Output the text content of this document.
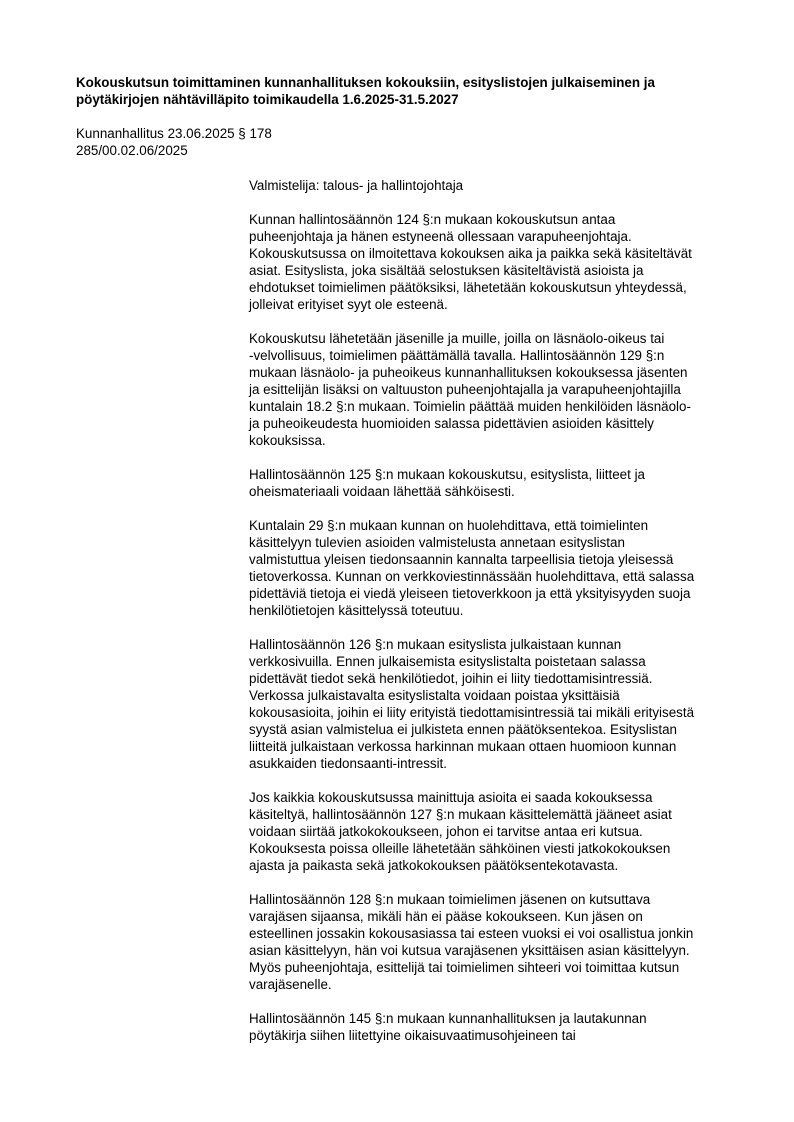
Kokouskutsun toimittaminen kunnanhallituksen kokouksiin, esityslistojen julkaiseminen ja
pöytäkirjojen nähtävilläpito toimikaudella 1.6.2025-31.5.2027
Kunnanhallitus 23.06.2025 § 178
285/00.02.06/2025

Valmistelija: talous- ja hallintojohtaja

Kunnan hallintosäännön 124 §:n mukaan kokouskutsun antaa
puheenjohtaja ja hänen estyneenä ollessaan varapuheenjohtaja.
Kokouskutsussa on ilmoitettava kokouksen aika ja paikka sekä käsiteltävät
asiat. Esityslista, joka sisältää selostuksen käsiteltävistä asioista ja
ehdotukset toimielimen päätöksiksi, lähetetään kokouskutsun yhteydessä,
jolleivat erityiset syyt ole esteenä.

Kokouskutsu lähetetään jäsenille ja muille, joilla on läsnäolo-oikeus tai
-velvollisuus, toimielimen päättämällä tavalla. Hallintosäännön 129 §:n
mukaan läsnäolo- ja puheoikeus kunnanhallituksen kokouksessa jäsenten
ja esittelijän lisäksi on valtuuston puheenjohtajalla ja varapuheenjohtajilla
kuntalain 18.2 §:n mukaan. Toimielin päättää muiden henkilöiden läsnäolo-
ja puheoikeudesta huomioiden salassa pidettävien asioiden käsittely
kokouksissa.

Hallintosäännön 125 §:n mukaan kokouskutsu, esityslista, liitteet ja
oheismateriaali voidaan lähettää sähköisesti.

Kuntalain 29 §:n mukaan kunnan on huolehdittava, että toimielinten
käsittelyyn tulevien asioiden valmistelusta annetaan esityslistan
valmistuttua yleisen tiedonsaannin kannalta tarpeellisia tietoja yleisessä
tietoverkossa. Kunnan on verkkoviestinnässään huolehdittava, että salassa
pidettäviä tietoja ei viedä yleiseen tietoverkkoon ja että yksityisyyden suoja
henkilötietojen käsittelyssä toteutuu.

Hallintosäännön 126 §:n mukaan esityslista julkaistaan kunnan
verkkosivuilla. Ennen julkaisemista esityslistalta poistetaan salassa
pidettävät tiedot sekä henkilötiedot, joihin ei liity tiedottamisintressiä.
Verkossa julkaistavalta esityslistalta voidaan poistaa yksittäisiä
kokousasioita, joihin ei liity erityistä tiedottamisintressiä tai mikäli erityisestä
syystä asian valmistelua ei julkisteta ennen päätöksentekoa. Esityslistan
liitteitä julkaistaan verkossa harkinnan mukaan ottaen huomioon kunnan
asukkaiden tiedonsaanti-intressit.

Jos kaikkia kokouskutsussa mainittuja asioita ei saada kokouksessa
käsiteltyä, hallintosäännön 127 §:n mukaan käsittelemättä jääneet asiat
voidaan siirtää jatkokokoukseen, johon ei tarvitse antaa eri kutsua.
Kokouksesta poissa olleille lähetetään sähköinen viesti jatkokokouksen
ajasta ja paikasta sekä jatkokokouksen päätöksentekotavasta.

Hallintosäännön 128 §:n mukaan toimielimen jäsenen on kutsuttava
varajäsen sijaansa, mikäli hän ei pääse kokoukseen. Kun jäsen on
esteellinen jossakin kokousasiassa tai esteen vuoksi ei voi osallistua jonkin
asian käsittelyyn, hän voi kutsua varajäsenen yksittäisen asian käsittelyyn.
Myös puheenjohtaja, esittelijä tai toimielimen sihteeri voi toimittaa kutsun
varajäsenelle.

Hallintosäännön 145 §:n mukaan kunnanhallituksen ja lautakunnan
pöytäkirja siihen liitettyine oikaisuvaatimusohjeineen tai
